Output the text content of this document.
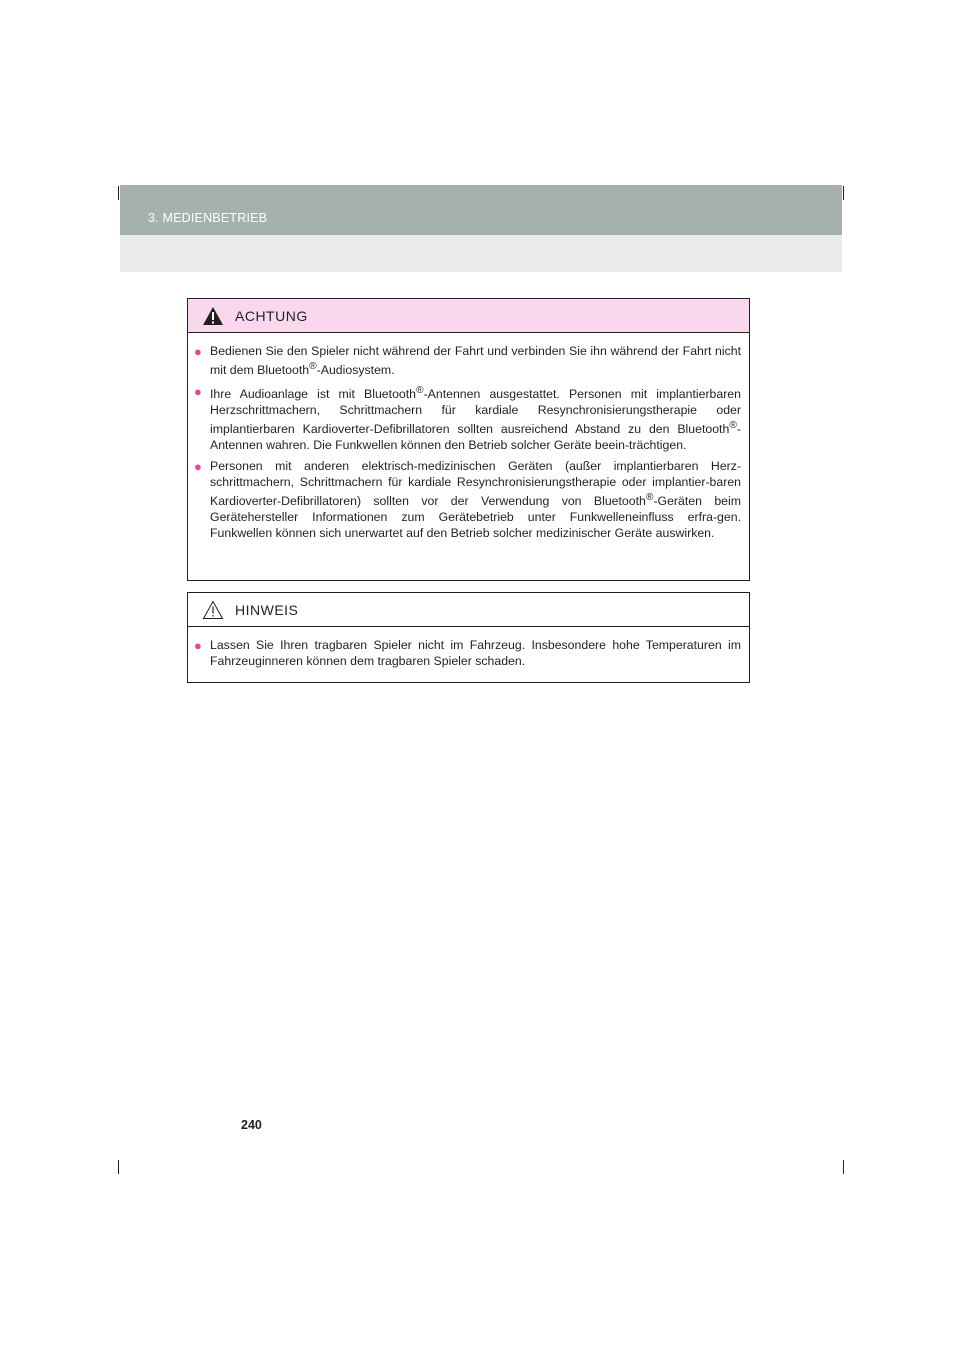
3. MEDIENBETRIEB
ACHTUNG
● Bedienen Sie den Spieler nicht während der Fahrt und verbinden Sie ihn während der Fahrt nicht mit dem Bluetooth®-Audiosystem.
● Ihre Audioanlage ist mit Bluetooth®-Antennen ausgestattet. Personen mit implantierbaren Herzschrittmachern, Schrittmachern für kardiale Resynchronisierungstherapie oder implantierbaren Kardioverter-Defibrillatoren sollten ausreichend Abstand zu den Bluetooth®-Antennen wahren. Die Funkwellen können den Betrieb solcher Geräte beein-trächtigen.
● Personen mit anderen elektrisch-medizinischen Geräten (außer implantierbaren Herz-schrittmachern, Schrittmachern für kardiale Resynchronisierungstherapie oder implantier-baren Kardioverter-Defibrillatoren) sollten vor der Verwendung von Bluetooth®-Geräten beim Gerätehersteller Informationen zum Gerätebetrieb unter Funkwelleneinfluss erfra-gen. Funkwellen können sich unerwartet auf den Betrieb solcher medizinischer Geräte auswirken.
HINWEIS
● Lassen Sie Ihren tragbaren Spieler nicht im Fahrzeug. Insbesondere hohe Temperaturen im Fahrzeuginneren können dem tragbaren Spieler schaden.
240
